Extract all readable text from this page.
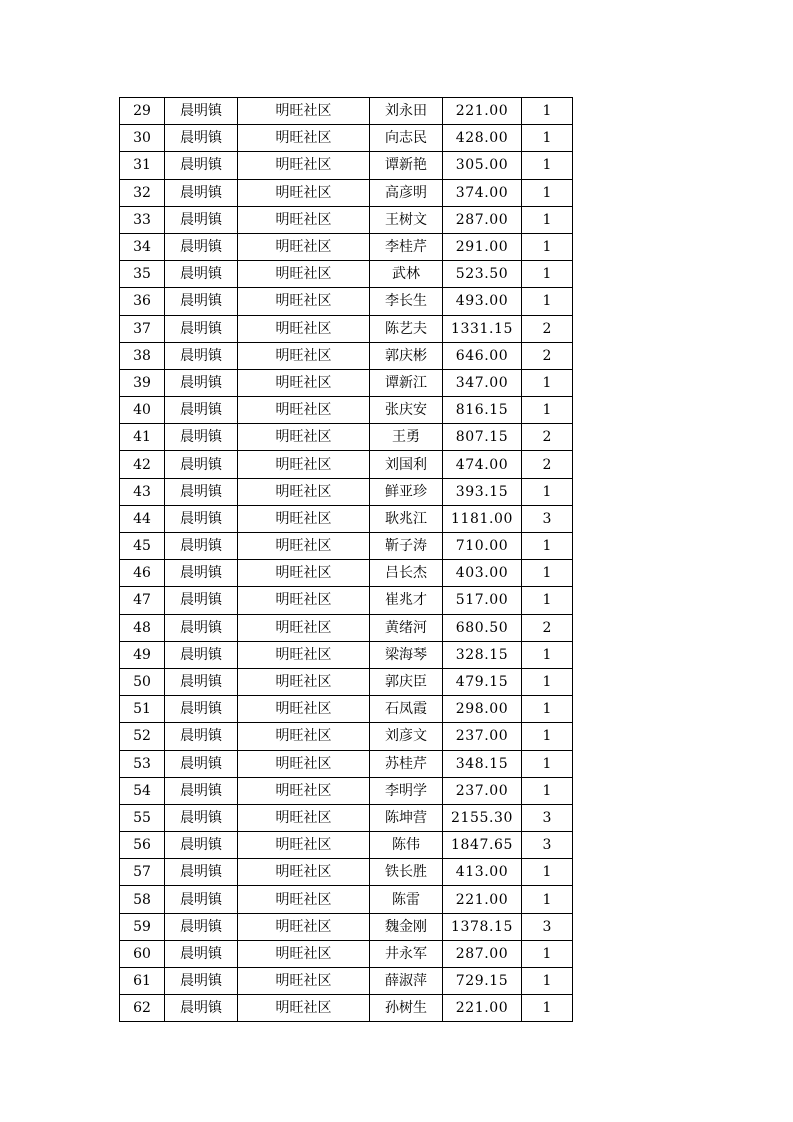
29	晨明镇	明旺社区	刘永田	221.00	1
30	晨明镇	明旺社区	向志民	428.00	1
31	晨明镇	明旺社区	谭新艳	305.00	1
32	晨明镇	明旺社区	高彦明	374.00	1
33	晨明镇	明旺社区	王树文	287.00	1
34	晨明镇	明旺社区	李桂芹	291.00	1
35	晨明镇	明旺社区	武林	523.50	1
36	晨明镇	明旺社区	李长生	493.00	1
37	晨明镇	明旺社区	陈艺夫	1331.15	2
38	晨明镇	明旺社区	郭庆彬	646.00	2
39	晨明镇	明旺社区	谭新江	347.00	1
40	晨明镇	明旺社区	张庆安	816.15	1
41	晨明镇	明旺社区	王勇	807.15	2
42	晨明镇	明旺社区	刘国利	474.00	2
43	晨明镇	明旺社区	鲜亚珍	393.15	1
44	晨明镇	明旺社区	耿兆江	1181.00	3
45	晨明镇	明旺社区	靳子涛	710.00	1
46	晨明镇	明旺社区	吕长杰	403.00	1
47	晨明镇	明旺社区	崔兆才	517.00	1
48	晨明镇	明旺社区	黄绪河	680.50	2
49	晨明镇	明旺社区	梁海琴	328.15	1
50	晨明镇	明旺社区	郭庆臣	479.15	1
51	晨明镇	明旺社区	石凤霞	298.00	1
52	晨明镇	明旺社区	刘彦文	237.00	1
53	晨明镇	明旺社区	苏桂芹	348.15	1
54	晨明镇	明旺社区	李明学	237.00	1
55	晨明镇	明旺社区	陈坤营	2155.30	3
56	晨明镇	明旺社区	陈伟	1847.65	3
57	晨明镇	明旺社区	铁长胜	413.00	1
58	晨明镇	明旺社区	陈雷	221.00	1
59	晨明镇	明旺社区	魏金刚	1378.15	3
60	晨明镇	明旺社区	井永军	287.00	1
61	晨明镇	明旺社区	薛淑萍	729.15	1
62	晨明镇	明旺社区	孙树生	221.00	1
